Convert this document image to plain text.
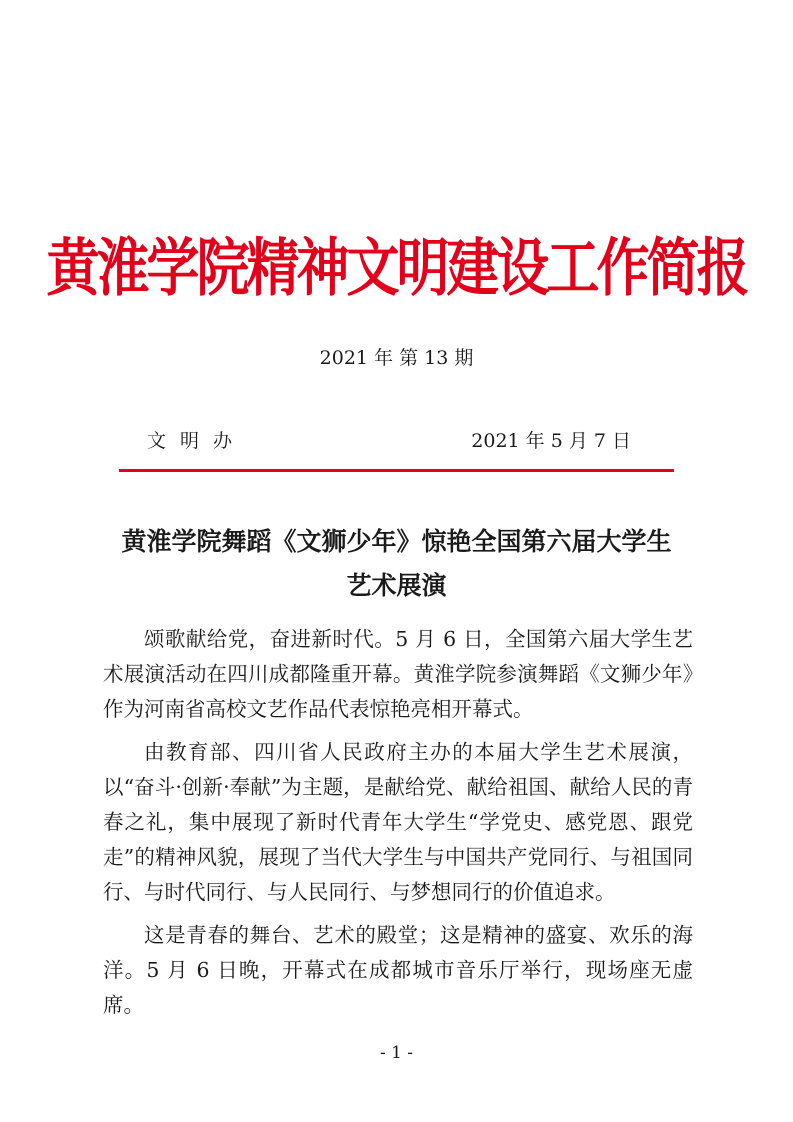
黄淮学院精神文明建设工作简报
2021 年 第 13 期
文明办	2021 年 5 月 7 日
黄淮学院舞蹈《文狮少年》惊艳全国第六届大学生
艺术展演

颂歌献给党，奋进新时代。5 月 6 日，全国第六届大学生艺术展演活动在四川成都隆重开幕。黄淮学院参演舞蹈《文狮少年》作为河南省高校文艺作品代表惊艳亮相开幕式。

由教育部、四川省人民政府主办的本届大学生艺术展演，以“奋斗·创新·奉献”为主题，是献给党、献给祖国、献给人民的青春之礼，集中展现了新时代青年大学生“学党史、感党恩、跟党走”的精神风貌，展现了当代大学生与中国共产党同行、与祖国同行、与时代同行、与人民同行、与梦想同行的价值追求。

这是青春的舞台、艺术的殿堂；这是精神的盛宴、欢乐的海洋。5 月 6 日晚，开幕式在成都城市音乐厅举行，现场座无虚席。

- 1 -
